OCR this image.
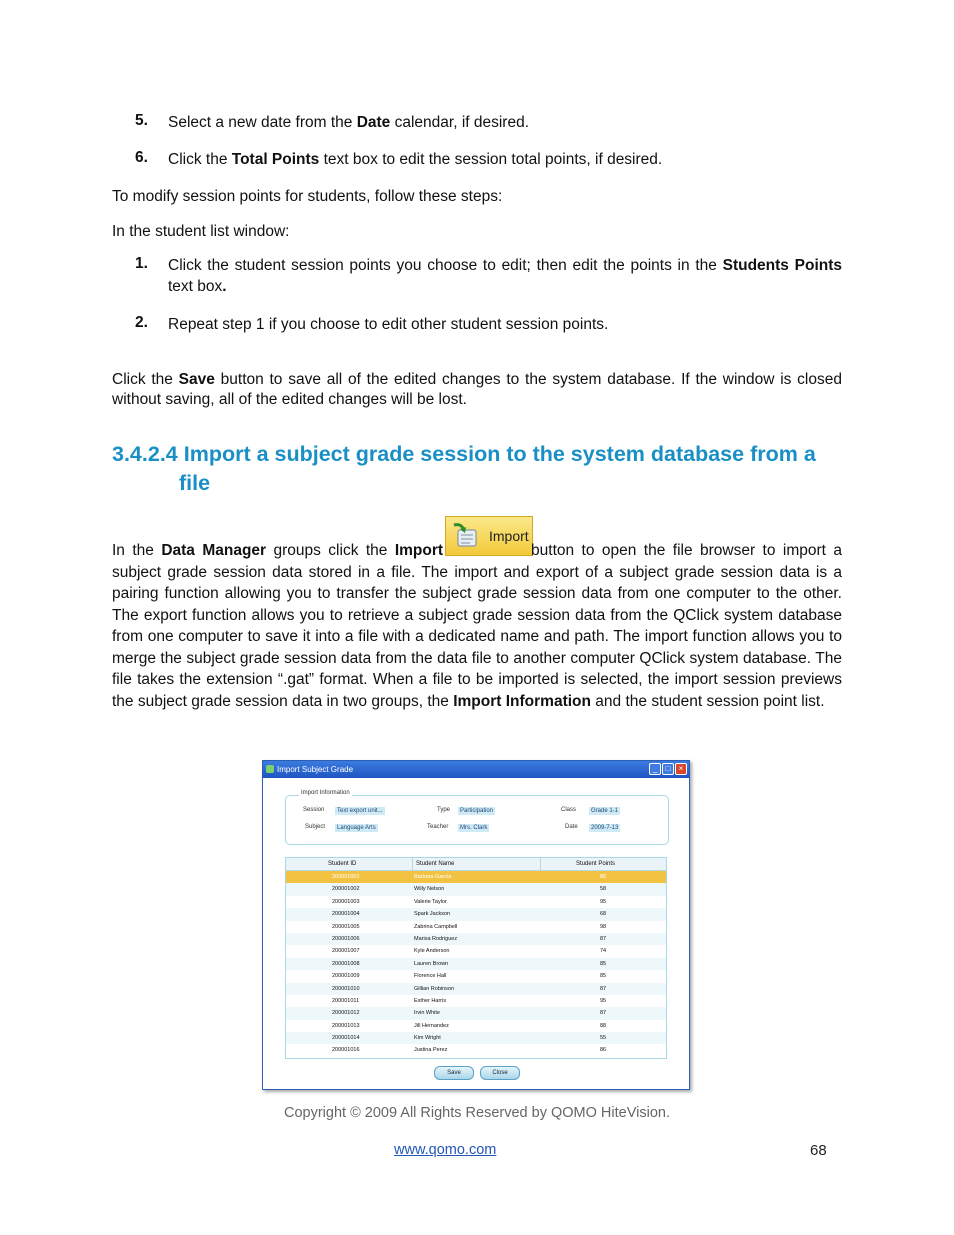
5. Select a new date from the Date calendar, if desired.
6. Click the Total Points text box to edit the session total points, if desired.
To modify session points for students, follow these steps:
In the student list window:
1. Click the student session points you choose to edit; then edit the points in the Students Points text box.
2. Repeat step 1 if you choose to edit other student session points.
Click the Save button to save all of the edited changes to the system database. If the window is closed without saving, all of the edited changes will be lost.
3.4.2.4 Import a subject grade session to the system database from a
file
Import
In the Data Manager groups click the Import	button to open the file browser to import a subject grade session data stored in a file. The import and export of a subject grade session data is a pairing function allowing you to transfer the subject grade session data from one computer to the other. The export function allows you to retrieve a subject grade session data from the QClick system database from one computer to save it into a file with a dedicated name and path. The import function allows you to merge the subject grade session data from the data file to another computer QClick system database. The file takes the extension “.gat” format. When a file to be imported is selected, the import session previews the subject grade session data in two groups, the Import Information and the student session point list.
Import Subject Grade	_	□	×
Import Information
Session	Text export unit...	Type	Participation	Class	Grade 1-1
Subject	Language Arts	Teacher	Mrs. Clark	Date	2009-7-13
Student ID	Student Name	Student Points
200001001	Barbara Garcia	85
200001002	Willy Nelson	58
200001003	Valerie Taylor	95
200001004	Spark Jackson	68
200001005	Zabrina Campbell	98
200001006	Marisa Rodriguez	87
200001007	Kyle Anderson	74
200001008	Lauren Brown	85
200001009	Florence Hall	85
200001010	Gillian Robinson	87
200001011	Esther Harris	95
200001012	Irvin White	87
200001013	Jill Hernandez	88
200001014	Kim Wright	55
200001016	Justina Perez	86
Save	Close
Copyright © 2009 All Rights Reserved by QOMO HiteVision.
www.qomo.com	68
